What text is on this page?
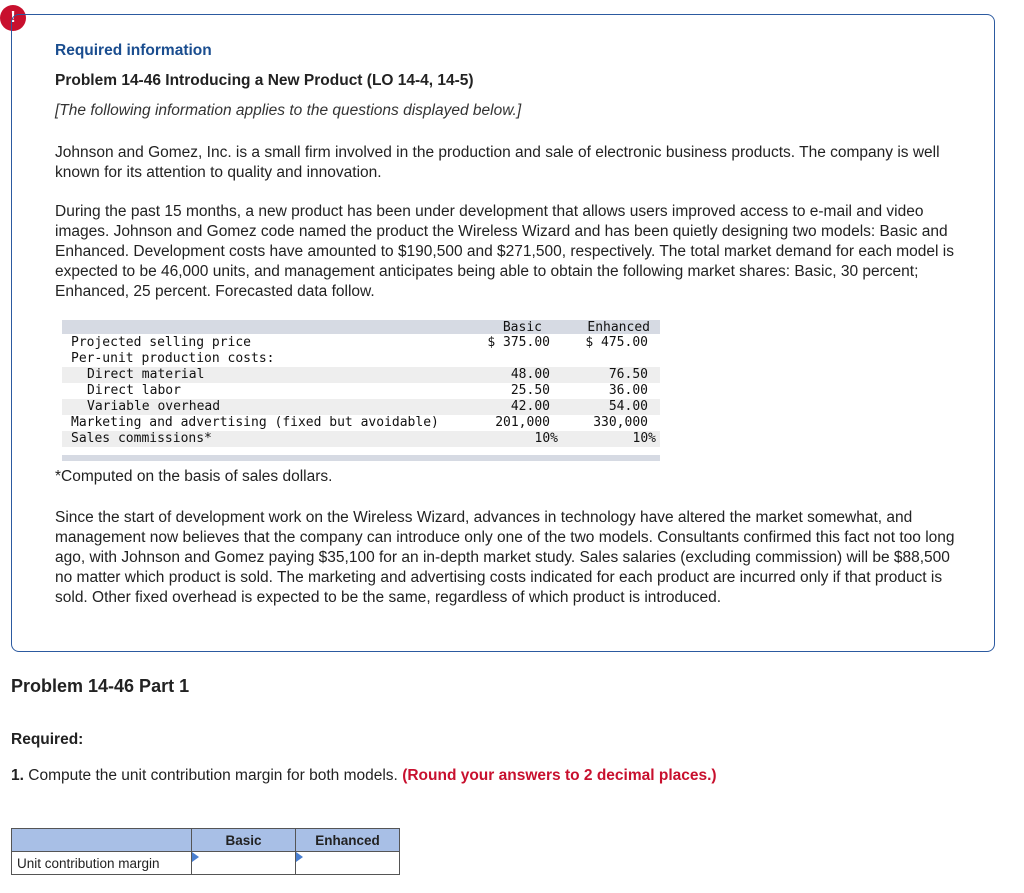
!
Required information
Problem 14-46 Introducing a New Product (LO 14-4, 14-5)
[The following information applies to the questions displayed below.]

Johnson and Gomez, Inc. is a small firm involved in the production and sale of electronic business products. The company is well known for its attention to quality and innovation.

During the past 15 months, a new product has been under development that allows users improved access to e-mail and video images. Johnson and Gomez code named the product the Wireless Wizard and has been quietly designing two models: Basic and Enhanced. Development costs have amounted to $190,500 and $271,500, respectively. The total market demand for each model is expected to be 46,000 units, and management anticipates being able to obtain the following market shares: Basic, 30 percent; Enhanced, 25 percent. Forecasted data follow.

Basic	Enhanced
Projected selling price	$ 375.00	$ 475.00
Per-unit production costs:
Direct material	48.00	76.50
Direct labor	25.50	36.00
Variable overhead	42.00	54.00
Marketing and advertising (fixed but avoidable)	201,000	330,000
Sales commissions*	10%	10%
*Computed on the basis of sales dollars.

Since the start of development work on the Wireless Wizard, advances in technology have altered the market somewhat, and management now believes that the company can introduce only one of the two models. Consultants confirmed this fact not too long ago, with Johnson and Gomez paying $35,100 for an in-depth market study. Sales salaries (excluding commission) will be $88,500 no matter which product is sold. The marketing and advertising costs indicated for each product are incurred only if that product is sold. Other fixed overhead is expected to be the same, regardless of which product is introduced.

Problem 14-46 Part 1
Required:
1. Compute the unit contribution margin for both models. (Round your answers to 2 decimal places.)
	Basic	Enhanced
Unit contribution margin	
